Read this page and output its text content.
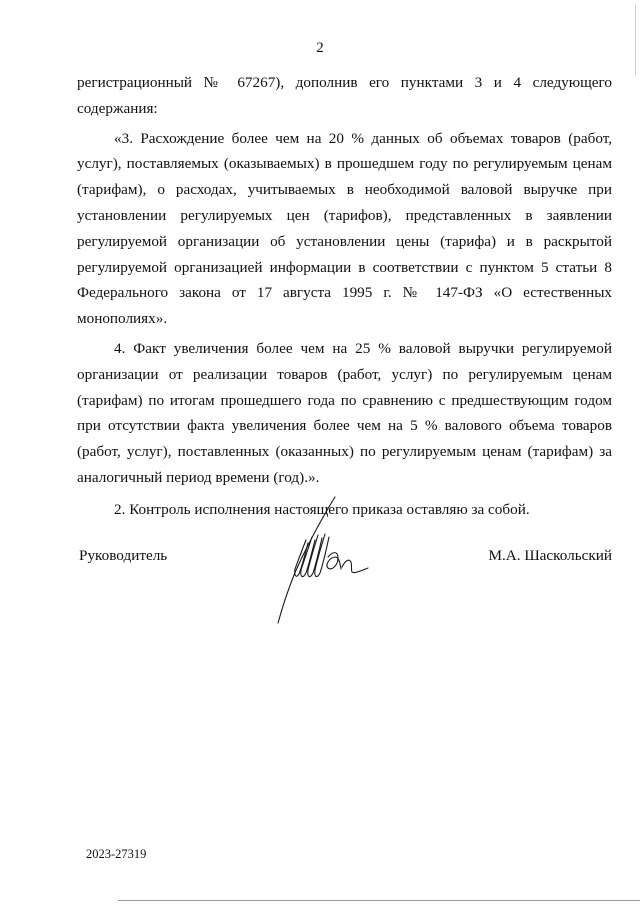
2

регистрационный № 67267), дополнив его пунктами 3 и 4 следующего содержания:

«3. Расхождение более чем на 20 % данных об объемах товаров (работ, услуг), поставляемых (оказываемых) в прошедшем году по регулируемым ценам (тарифам), о расходах, учитываемых в необходимой валовой выручке при установлении регулируемых цен (тарифов), представленных в заявлении регулируемой организации об установлении цены (тарифа) и в раскрытой регулируемой организацией информации в соответствии с пунктом 5 статьи 8 Федерального закона от 17 августа 1995 г. № 147-ФЗ «О естественных монополиях».

4. Факт увеличения более чем на 25 % валовой выручки регулируемой организации от реализации товаров (работ, услуг) по регулируемым ценам (тарифам) по итогам прошедшего года по сравнению с предшествующим годом при отсутствии факта увеличения более чем на 5 % валового объема товаров (работ, услуг), поставленных (оказанных) по регулируемым ценам (тарифам) за аналогичный период времени (год).».

2. Контроль исполнения настоящего приказа оставляю за собой.

Руководитель	М.А. Шаскольский
2023-27319
